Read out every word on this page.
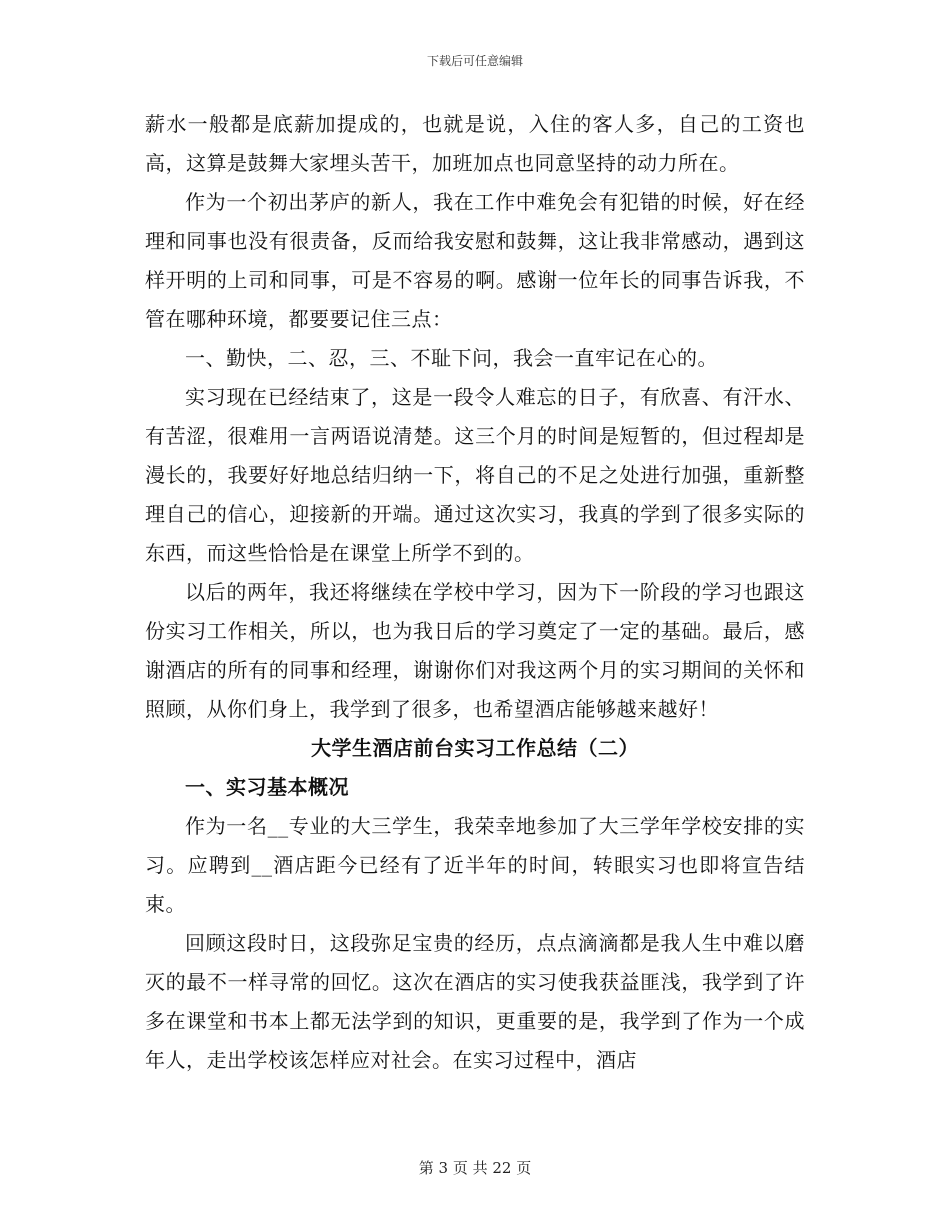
下载后可任意编辑

薪水一般都是底薪加提成的，也就是说，入住的客人多，自己的工资也高，这算是鼓舞大家埋头苦干，加班加点也同意坚持的动力所在。

作为一个初出茅庐的新人，我在工作中难免会有犯错的时候，好在经理和同事也没有很责备，反而给我安慰和鼓舞，这让我非常感动，遇到这样开明的上司和同事，可是不容易的啊。感谢一位年长的同事告诉我，不管在哪种环境，都要要记住三点：

一、勤快，二、忍，三、不耻下问，我会一直牢记在心的。

实习现在已经结束了，这是一段令人难忘的日子，有欣喜、有汗水、有苦涩，很难用一言两语说清楚。这三个月的时间是短暂的，但过程却是漫长的，我要好好地总结归纳一下，将自己的不足之处进行加强，重新整理自己的信心，迎接新的开端。通过这次实习，我真的学到了很多实际的东西，而这些恰恰是在课堂上所学不到的。

以后的两年，我还将继续在学校中学习，因为下一阶段的学习也跟这份实习工作相关，所以，也为我日后的学习奠定了一定的基础。最后，感谢酒店的所有的同事和经理，谢谢你们对我这两个月的实习期间的关怀和照顾，从你们身上，我学到了很多，也希望酒店能够越来越好！

大学生酒店前台实习工作总结（二）

一、实习基本概况

作为一名__专业的大三学生，我荣幸地参加了大三学年学校安排的实习。应聘到__酒店距今已经有了近半年的时间，转眼实习也即将宣告结束。

回顾这段时日，这段弥足宝贵的经历，点点滴滴都是我人生中难以磨灭的最不一样寻常的回忆。这次在酒店的实习使我获益匪浅，我学到了许多在课堂和书本上都无法学到的知识，更重要的是，我学到了作为一个成年人，走出学校该怎样应对社会。在实习过程中，酒店

第 3 页 共 22 页
